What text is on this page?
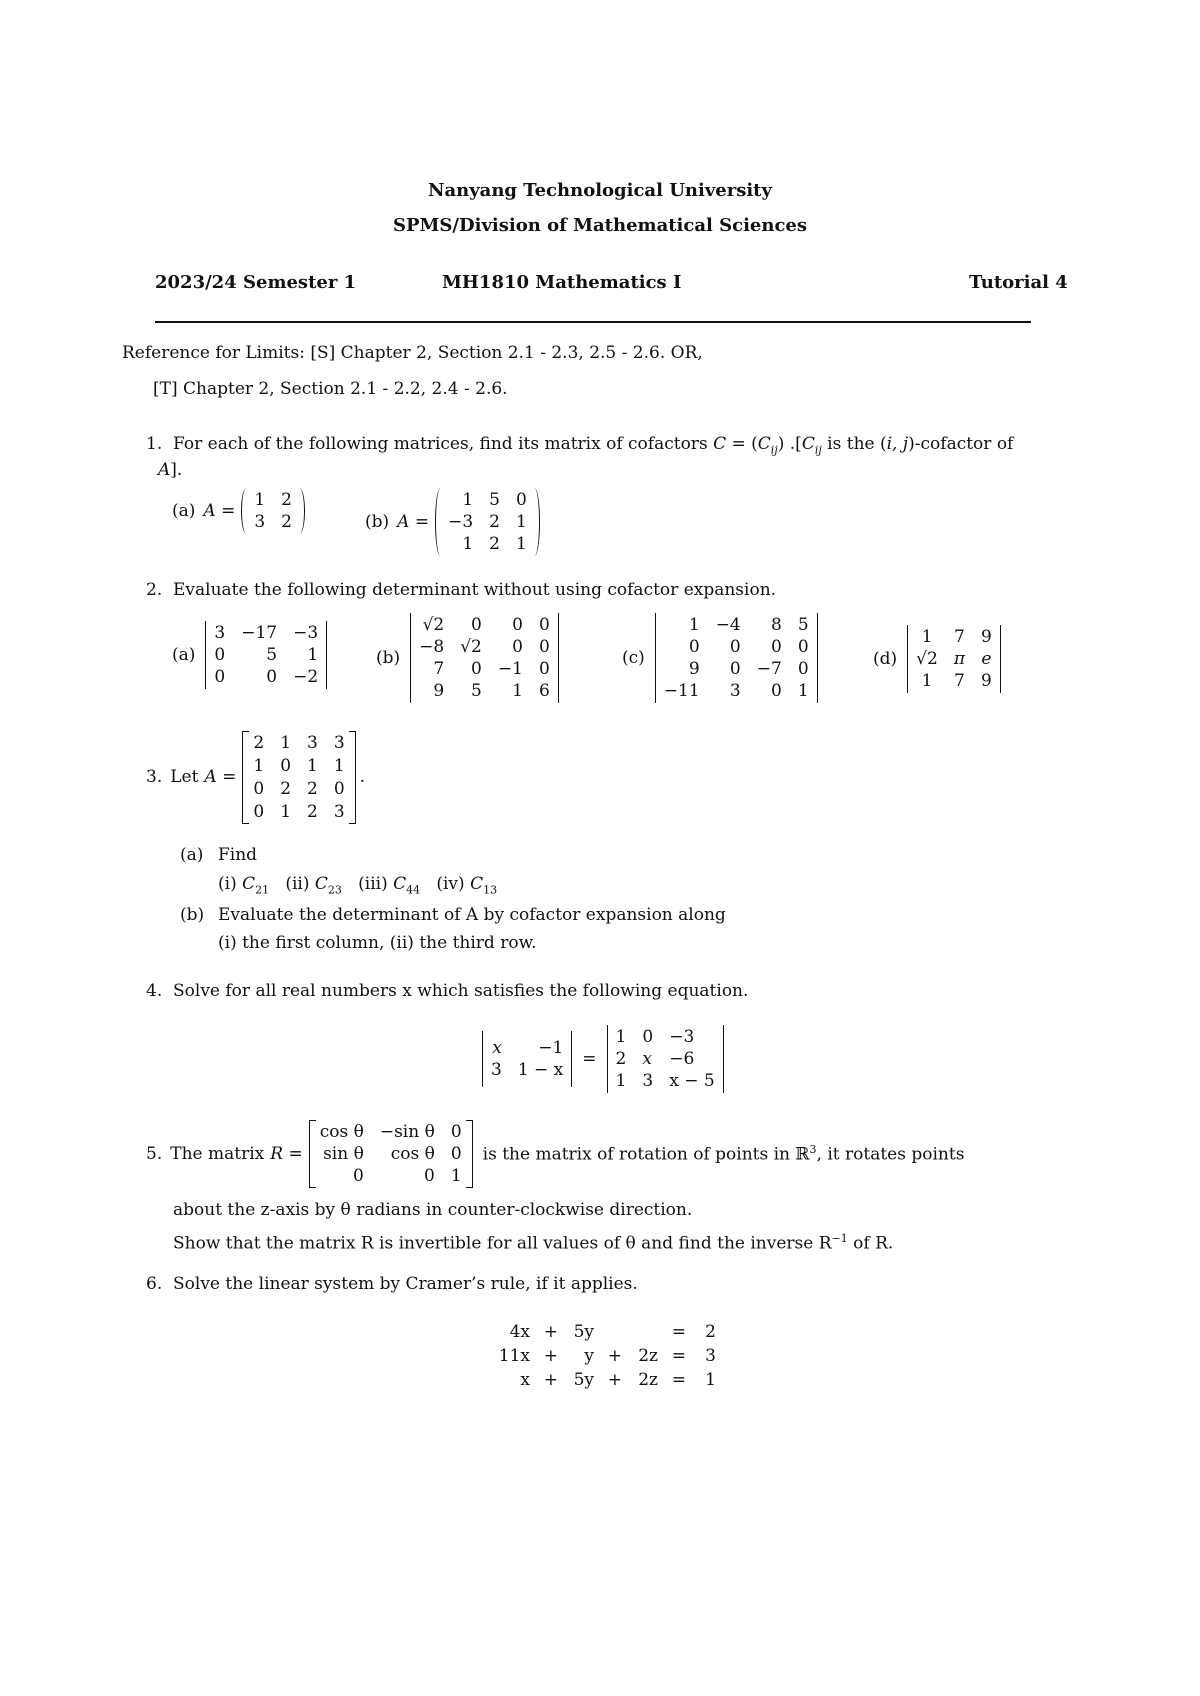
Nanyang Technological University
SPMS/Division of Mathematical Sciences
2023/24 Semester 1	MH1810 Mathematics I	Tutorial 4
Reference for Limits: [S] Chapter 2, Section 2.1 - 2.3, 2.5 - 2.6. OR,
[T] Chapter 2, Section 2.1 - 2.2, 2.4 - 2.6.
1. For each of the following matrices, find its matrix of cofactors $C = (C_{ij})$ $.[C_{ij}$ is the (i, j)-cofactor of
A].
(a) A =
1 2
3 2	(b) A =
1 5 0
−3 2 1
1 2 1
2. Evaluate the following determinant without using cofactor expansion.
(a)
3 −17 −3
0	5	1
0	0 −2
(b)
√2	0	0 0
−8 √2	0 0
7	0 −1 0
9	5	1 6
(c)
1 −4	8 5
0	0	0 0
9	0 −7 0
−11	3	0 1
(d)
1	7 9
√2 π e
1	7 9
3. Let A =
2 1 3 3
1 0 1 1
0 2 2 0
0 1 2 3
.
(a) Find
(i) $C_{21}$ (ii) $C_{23}$ (iii) $C_{44}$ (iv) $C_{13}$
(b) Evaluate the determinant of A by cofactor expansion along
(i) the first column, (ii) the third row.
4. Solve for all real numbers x which satisfies the following equation.
x	−1
3 1 − x
=
1 0 −3
2 x −6
1 3 x − 5
5. The matrix R =
cos θ −sin θ 0
sin θ	cos θ 0
0	0 1
is the matrix of rotation of points in ℝ$^3$, it rotates points
about the z-axis by θ radians in counter-clockwise direction.
Show that the matrix R is invertible for all values of θ and find the inverse $R^{-1}$ of R.
6. Solve the linear system by Cramer’s rule, if it applies.
4x + 5y	=	2
11x +	y + 2z =	3
x + 5y + 2z =	1
